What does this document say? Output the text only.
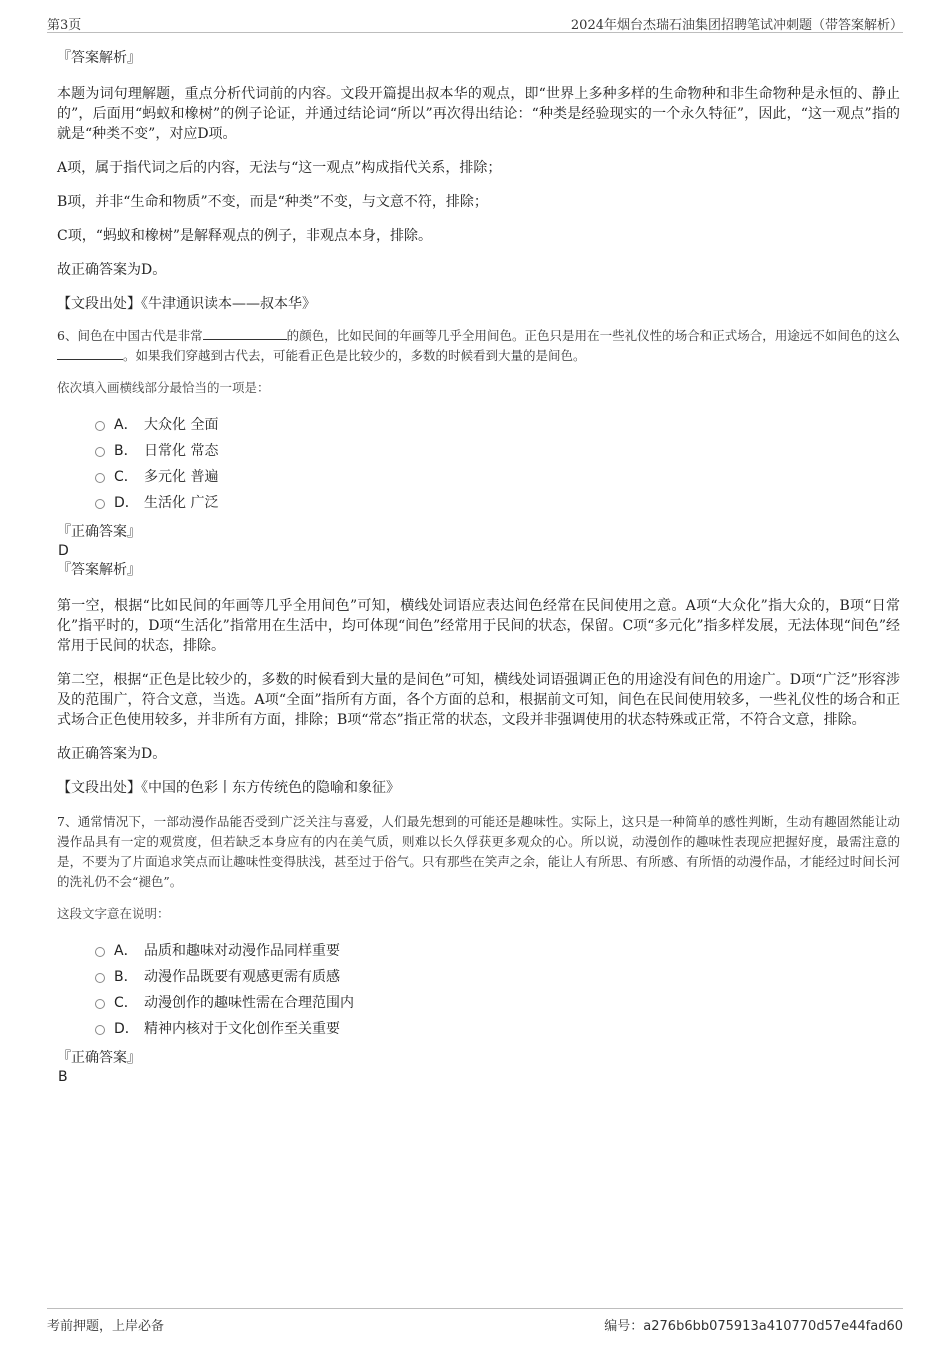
第3页	2024年烟台杰瑞石油集团招聘笔试冲刺题（带答案解析）

『答案解析』

本题为词句理解题，重点分析代词前的内容。文段开篇提出叔本华的观点，即“世界上多种多样的生命物种和非生命物种是永恒的、静止的”，后面用“蚂蚁和橡树”的例子论证，并通过结论词“所以”再次得出结论：“种类是经验现实的一个永久特征”，因此，“这一观点”指的就是“种类不变”，对应D项。

A项，属于指代词之后的内容，无法与“这一观点”构成指代关系，排除；

B项，并非“生命和物质”不变，而是“种类”不变，与文意不符，排除；

C项，“蚂蚁和橡树”是解释观点的例子，非观点本身，排除。

故正确答案为D。

【文段出处】《牛津通识读本——叔本华》

6、间色在中国古代是非常	的颜色，比如民间的年画等几乎全用间色。正色只是用在一些礼仪性的场合和正式场合，用途远不如间色的这么。如果我们穿越到古代去，可能看正色是比较少的，多数的时候看到大量的是间色。

依次填入画横线部分最恰当的一项是：

A． 大众化 全面
B． 日常化 常态
C． 多元化 普遍
D． 生活化 广泛

『正确答案』

D

『答案解析』

第一空，根据“比如民间的年画等几乎全用间色”可知，横线处词语应表达间色经常在民间使用之意。A项“大众化”指大众的，B项“日常化”指平时的，D项“生活化”指常用在生活中，均可体现“间色”经常用于民间的状态，保留。C项“多元化”指多样发展，无法体现“间色”经常用于民间的状态，排除。

第二空，根据“正色是比较少的，多数的时候看到大量的是间色”可知，横线处词语强调正色的用途没有间色的用途广。D项“广泛”形容涉及的范围广，符合文意，当选。A项“全面”指所有方面，各个方面的总和，根据前文可知，间色在民间使用较多，一些礼仪性的场合和正式场合正色使用较多，并非所有方面，排除；B项“常态”指正常的状态，文段并非强调使用的状态特殊或正常，不符合文意，排除。

故正确答案为D。

【文段出处】《中国的色彩丨东方传统色的隐喻和象征》

7、通常情况下，一部动漫作品能否受到广泛关注与喜爱，人们最先想到的可能还是趣味性。实际上，这只是一种简单的感性判断，生动有趣固然能让动漫作品具有一定的观赏度，但若缺乏本身应有的内在美气质，则难以长久俘获更多观众的心。所以说，动漫创作的趣味性表现应把握好度，最需注意的是，不要为了片面追求笑点而让趣味性变得肤浅，甚至过于俗气。只有那些在笑声之余，能让人有所思、有所感、有所悟的动漫作品，才能经过时间长河的洗礼仍不会“褪色”。

这段文字意在说明：

A． 品质和趣味对动漫作品同样重要
B． 动漫作品既要有观感更需有质感
C． 动漫创作的趣味性需在合理范围内
D． 精神内核对于文化创作至关重要

『正确答案』

B

考前押题，上岸必备	编号：a276b6bb075913a410770d57e44fad60
